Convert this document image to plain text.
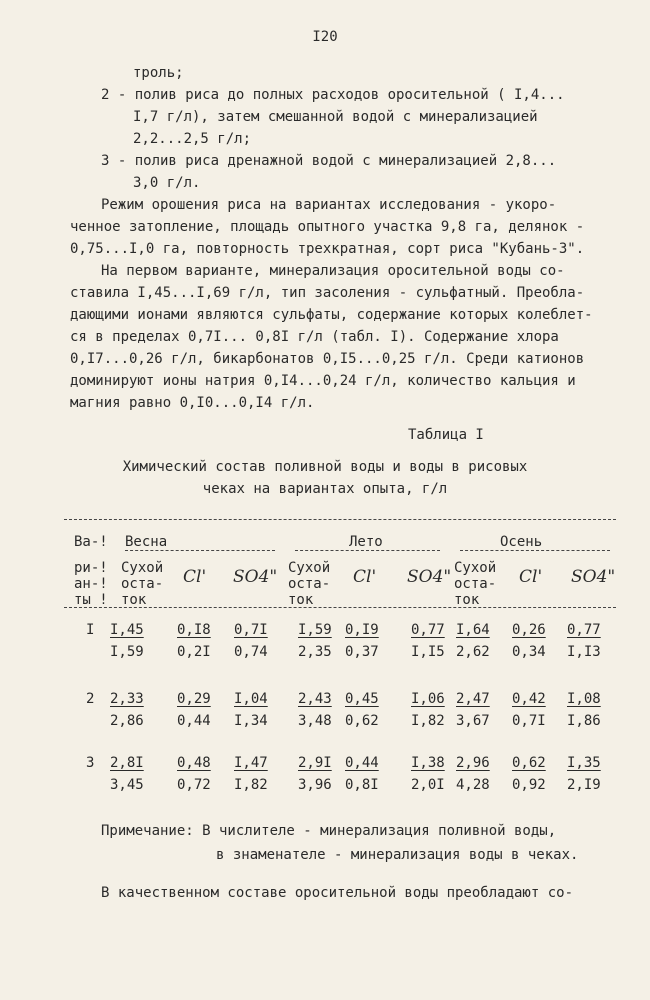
I20
троль;
2 - полив риса до полных расходов оросительной ( I,4...
I,7 г/л), затем смешанной водой с минерализацией
2,2...2,5 г/л;
3 - полив риса дренажной водой с минерализацией 2,8...
3,0 г/л.
Режим орошения риса на вариантах исследования - укоро-
ченное затопление, площадь опытного участка 9,8 га, делянок -
0,75...I,0 га, повторность трехкратная, сорт риса "Кубань-3".
На первом варианте, минерализация оросительной воды со-
ставила I,45...I,69 г/л, тип засоления - сульфатный. Преобла-
дающими ионами являются сульфаты, содержание которых колеблет-
ся в пределах 0,7I... 0,8I г/л (табл. I). Содержание хлора
0,I7...0,26 г/л, бикарбонатов 0,I5...0,25 г/л. Среди катионов
доминируют ионы натрия 0,I4...0,24 г/л, количество кальция и
магния равно 0,I0...0,I4 г/л.
Таблица I
Химический состав поливной воды и воды в рисовых
чеках на вариантах опыта, г/л
Ва-!
ри-!
ан-!
ты !
Весна	Лето	Осень
Сухой
оста-
ток
Cl' SO4" Сухой
оста-
ток
Cl' SO4" Сухой
оста-
ток
Cl' SO4"
I I,45
I,59
0,I8
0,2I
0,7I
0,74
I,59
2,35
0,I9
0,37
0,77
I,I5
I,64
2,62
0,26
0,34
0,77
I,I3
2 2,33
2,86
0,29
0,44
I,04
I,34
2,43
3,48
0,45
0,62
I,06
I,82
2,47
3,67
0,42
0,7I
I,08
I,86
3 2,8I
3,45
0,48
0,72
I,47
I,82
2,9I
3,96
0,44
0,8I
I,38
2,0I
2,96
4,28
0,62
0,92
I,35
2,I9
Примечание: В числителе - минерализация поливной воды,
в знаменателе - минерализация воды в чеках.
В качественном составе оросительной воды преобладают со-
